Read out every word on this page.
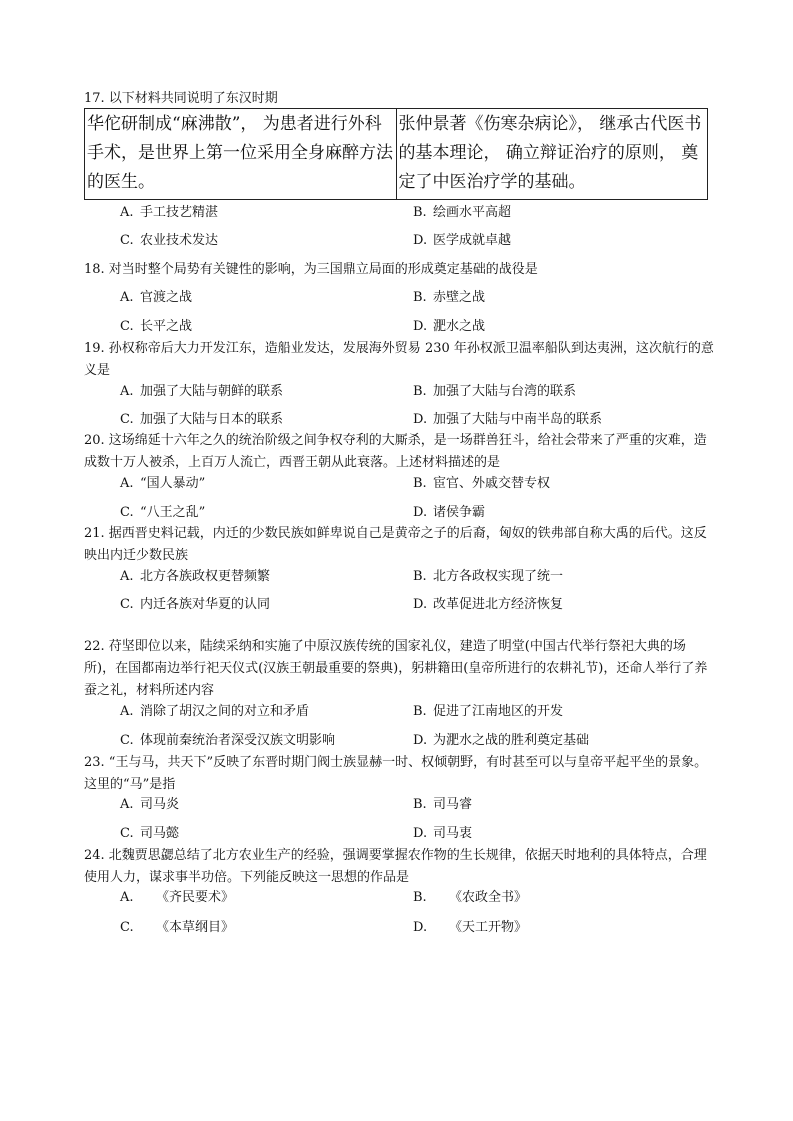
17. 以下材料共同说明了东汉时期
华佗研制成“麻沸散”， 为患者进行外科手术，是世界上第一位采用全身麻醉方法的医生。	张仲景著《伤寒杂病论》， 继承古代医书的基本理论， 确立辩证治疗的原则， 奠定了中医治疗学的基础。
A. 手工技艺精湛	B. 绘画水平高超
C. 农业技术发达	D. 医学成就卓越
18. 对当时整个局势有关键性的影响，为三国鼎立局面的形成奠定基础的战役是
A. 官渡之战	B. 赤壁之战
C. 长平之战	D. 淝水之战
19. 孙权称帝后大力开发江东，造船业发达，发展海外贸易 230 年孙权派卫温率船队到达夷洲，这次航行的意义是
A. 加强了大陆与朝鲜的联系	B. 加强了大陆与台湾的联系
C. 加强了大陆与日本的联系	D. 加强了大陆与中南半岛的联系
20. 这场绵延十六年之久的统治阶级之间争权夺利的大厮杀，是一场群兽狂斗，给社会带来了严重的灾难，造成数十万人被杀，上百万人流亡，西晋王朝从此衰落。上述材料描述的是
A. “国人暴动”	B. 宦官、外戚交替专权
C. “八王之乱”	D. 诸侯争霸
21. 据西晋史料记载，内迁的少数民族如鲜卑说自己是黄帝之子的后裔，匈奴的铁弗部自称大禹的后代。这反映出内迁少数民族
A. 北方各族政权更替频繁	B. 北方各政权实现了统一
C. 内迁各族对华夏的认同	D. 改革促进北方经济恢复
22. 苻坚即位以来，陆续采纳和实施了中原汉族传统的国家礼仪，建造了明堂(中国古代举行祭祀大典的场所)，在国都南边举行祀天仪式(汉族王朝最重要的祭典)，躬耕籍田(皇帝所进行的农耕礼节)，还命人举行了养蚕之礼，材料所述内容
A. 消除了胡汉之间的对立和矛盾	B. 促进了江南地区的开发
C. 体现前秦统治者深受汉族文明影响	D. 为淝水之战的胜利奠定基础
23. “王与马，共天下”反映了东晋时期门阀士族显赫一时、权倾朝野，有时甚至可以与皇帝平起平坐的景象。这里的“马”是指
A. 司马炎	B. 司马睿
C. 司马懿	D. 司马衷
24. 北魏贾思勰总结了北方农业生产的经验，强调要掌握农作物的生长规律，依据天时地利的具体特点，合理使用人力，谋求事半功倍。下列能反映这一思想的作品是
A. 《齐民要术》	B. 《农政全书》
C. 《本草纲目》	D. 《天工开物》
